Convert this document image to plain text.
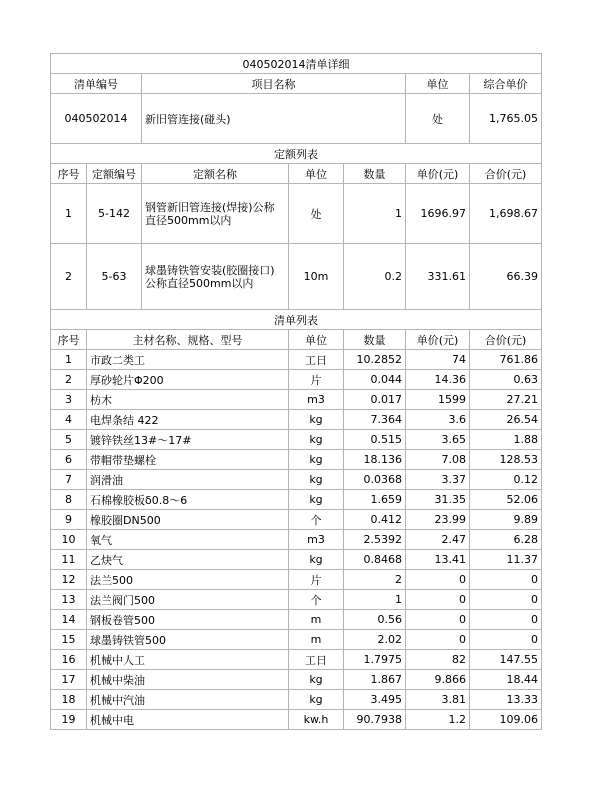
040502014清单详细						
清单编号		项目名称			单位	综合单价
040502014		新旧管连接(碰头)			处	1,765.05
定额列表						
序号	定额编号	定额名称	单位	数量	单价(元)	合价(元)
1	5-142	钢管新旧管连接(焊接)公称直径500mm以内	处	1	1696.97	1,698.67
2	5-63	球墨铸铁管安装(胶圈接口)公称直径500mm以内	10m	0.2	331.61	66.39
清单列表						
序号	主材名称、规格、型号		单位	数量	单价(元)	合价(元)
1	市政二类工		工日	10.2852	74	761.86
2	厚砂轮片Φ200		片	0.044	14.36	0.63
3	枋木		m3	0.017	1599	27.21
4	电焊条结 422		kg	7.364	3.6	26.54
5	镀锌铁丝13#～17#		kg	0.515	3.65	1.88
6	带帽带垫螺栓		kg	18.136	7.08	128.53
7	润滑油		kg	0.0368	3.37	0.12
8	石棉橡胶板δ0.8～6		kg	1.659	31.35	52.06
9	橡胶圈DN500		个	0.412	23.99	9.89
10	氧气		m3	2.5392	2.47	6.28
11	乙炔气		kg	0.8468	13.41	11.37
12	法兰500		片	2	0	0
13	法兰阀门500		个	1	0	0
14	钢板卷管500		m	0.56	0	0
15	球墨铸铁管500		m	2.02	0	0
16	机械中人工		工日	1.7975	82	147.55
17	机械中柴油		kg	1.867	9.866	18.44
18	机械中汽油		kg	3.495	3.81	13.33
19	机械中电		kw.h	90.7938	1.2	109.06
